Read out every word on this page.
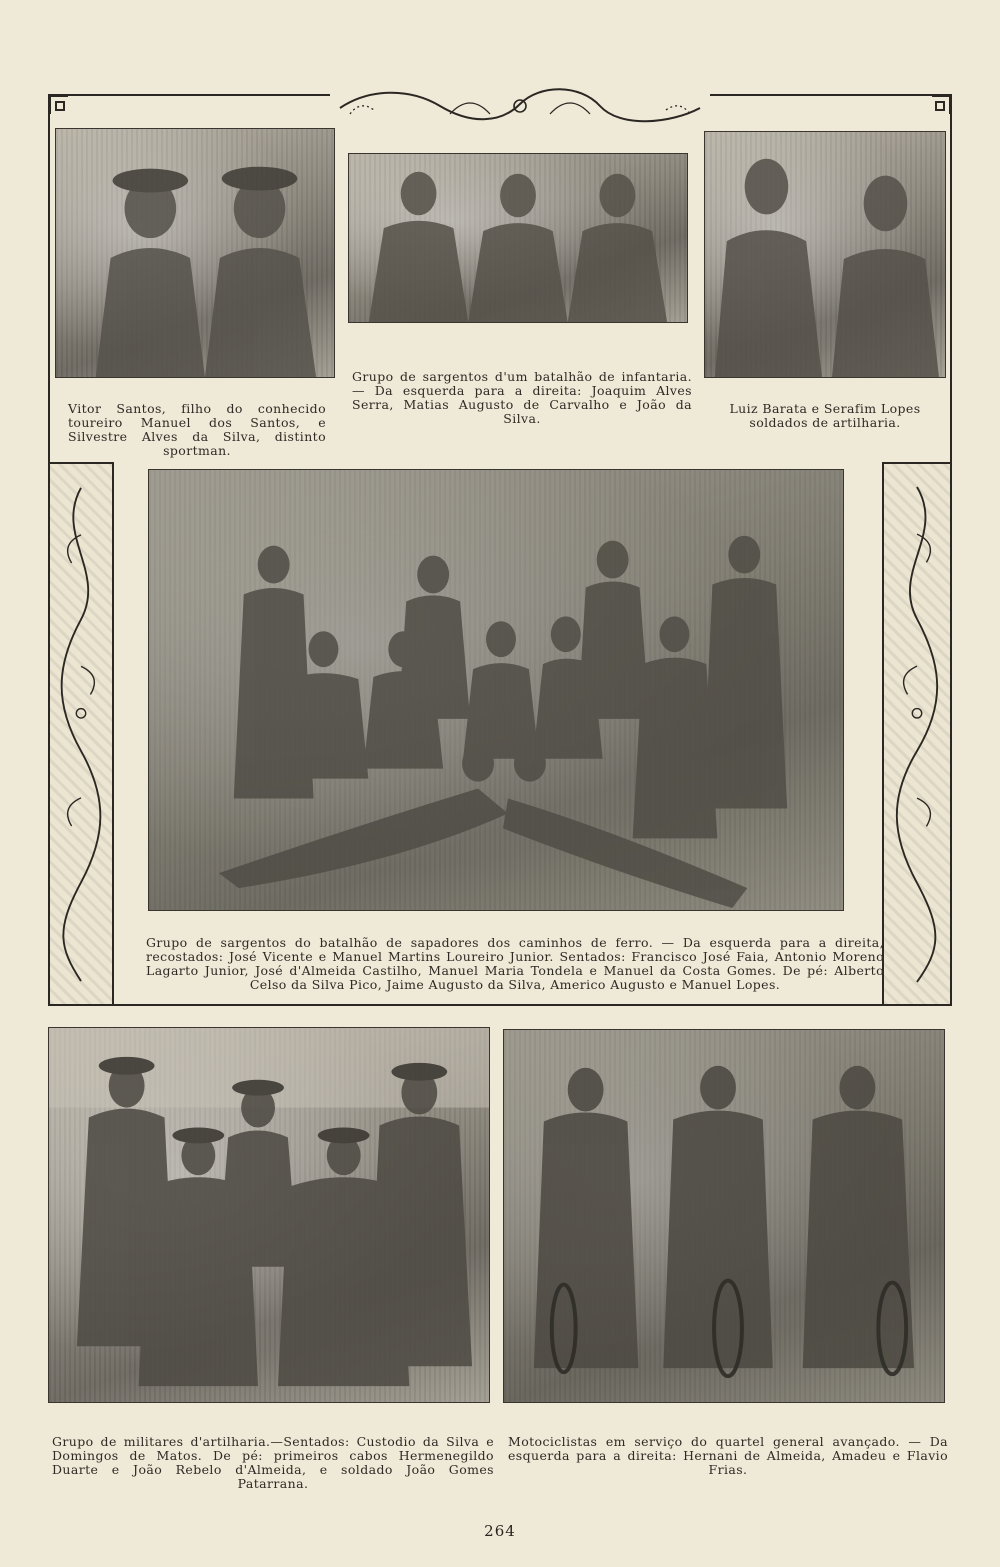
Vitor Santos, filho do conhecido toureiro Manuel dos Santos, e Silvestre Alves da Silva, distinto sportman.
Grupo de sargentos d'um batalhão de infantaria. — Da esquerda para a direita: Joaquim Alves Serra, Matias Augusto de Carvalho e João da Silva.
Luiz Barata e Serafim Lopes soldados de artilharia.
Grupo de sargentos do batalhão de sapadores dos caminhos de ferro. — Da esquerda para a direita, recostados: José Vicente e Manuel Martins Loureiro Junior. Sentados: Francisco José Faia, Antonio Moreno Lagarto Junior, José d'Almeida Castilho, Manuel Maria Tondela e Manuel da Costa Gomes. De pé: Alberto Celso da Silva Pico, Jaime Augusto da Silva, Americo Augusto e Manuel Lopes.
Grupo de militares d'artilharia.—Sentados: Custodio da Silva e Domingos de Matos. De pé: primeiros cabos Hermenegildo Duarte e João Rebelo d'Almeida, e soldado João Gomes Patarrana.
Motociclistas em serviço do quartel general avançado. — Da esquerda para a direita: Hernani de Almeida, Amadeu e Flavio Frias.
264
